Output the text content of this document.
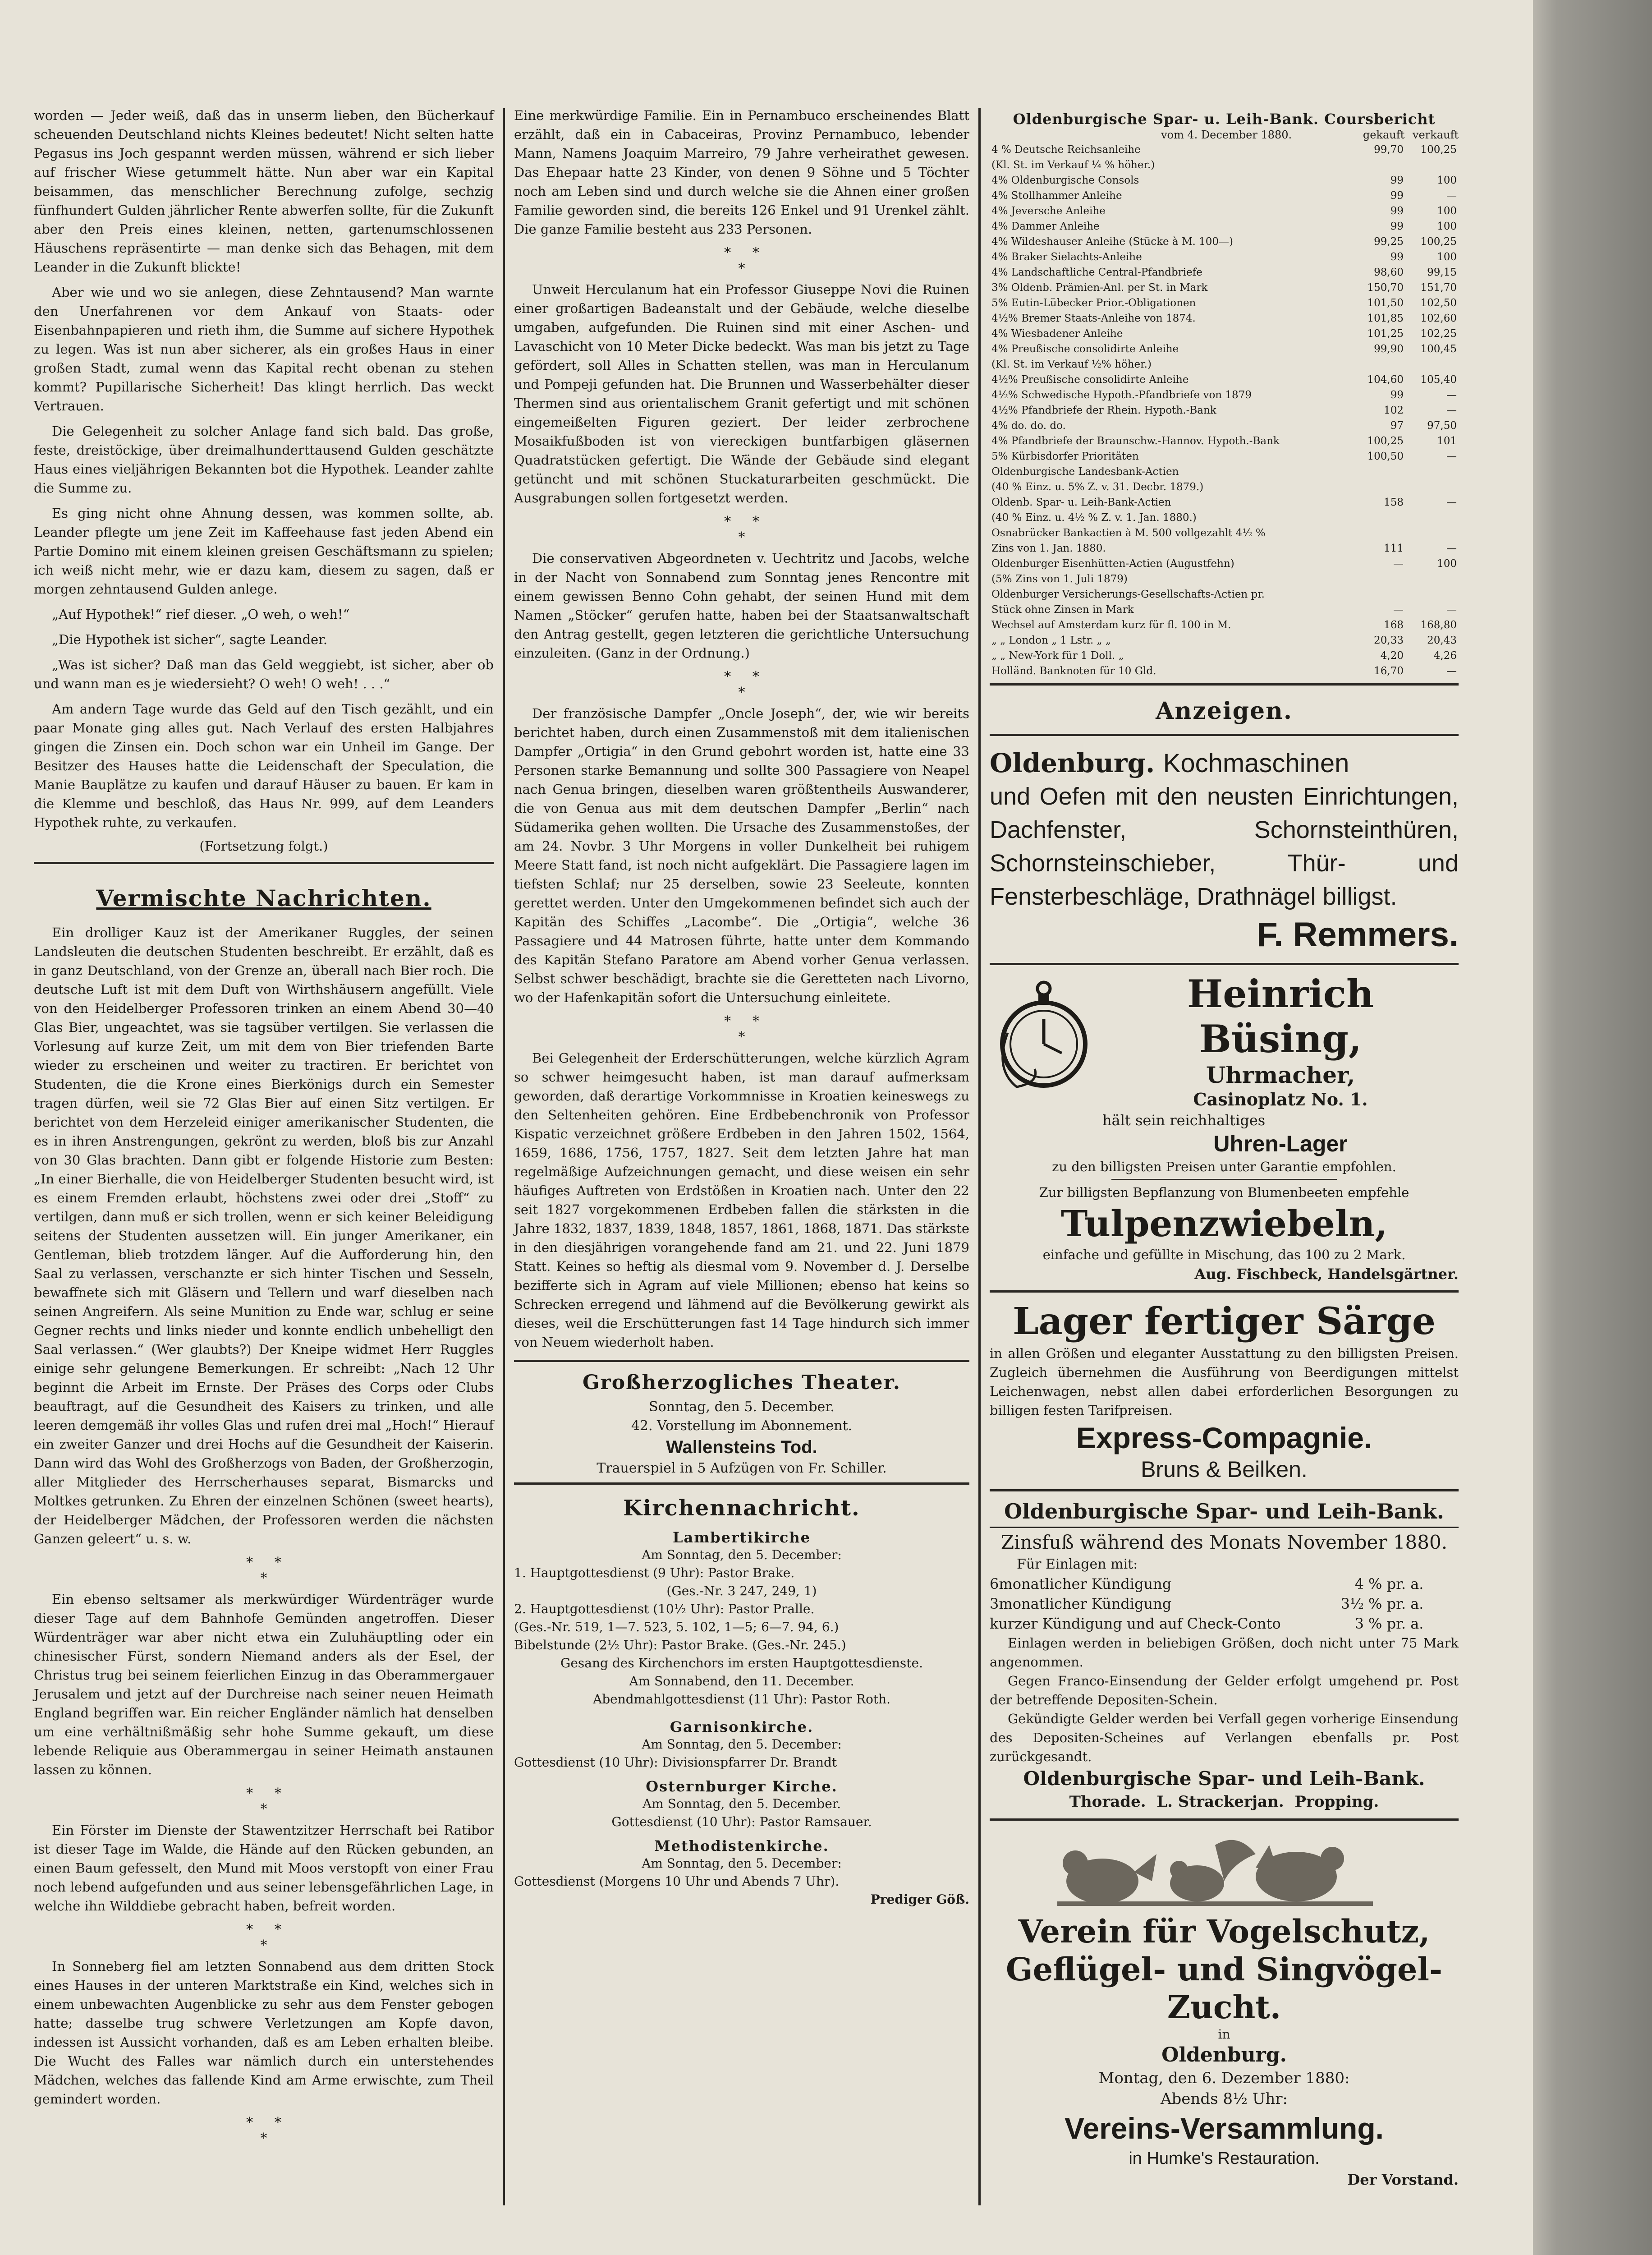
worden — Jeder weiß, daß das in unserm lieben, den Bücherkauf scheuenden Deutschland nichts Kleines bedeutet! Nicht selten hatte Pegasus ins Joch gespannt werden müssen, während er sich lieber auf frischer Wiese getummelt hätte. Nun aber war ein Kapital beisammen, das menschlicher Berechnung zufolge, sechzig fünfhundert Gulden jährlicher Rente abwerfen sollte, für die Zukunft aber den Preis eines kleinen, netten, gartenumschlossenen Häuschens repräsentirte — man denke sich das Behagen, mit dem Leander in die Zukunft blickte!

Aber wie und wo sie anlegen, diese Zehntausend? Man warnte den Unerfahrenen vor dem Ankauf von Staats- oder Eisenbahnpapieren und rieth ihm, die Summe auf sichere Hypothek zu legen. Was ist nun aber sicherer, als ein großes Haus in einer großen Stadt, zumal wenn das Kapital recht obenan zu stehen kommt? Pupillarische Sicherheit! Das klingt herrlich. Das weckt Vertrauen.

Die Gelegenheit zu solcher Anlage fand sich bald. Das große, feste, dreistöckige, über dreimalhunderttausend Gulden geschätzte Haus eines vieljährigen Bekannten bot die Hypothek. Leander zahlte die Summe zu.

Es ging nicht ohne Ahnung dessen, was kommen sollte, ab. Leander pflegte um jene Zeit im Kaffeehause fast jeden Abend ein Partie Domino mit einem kleinen greisen Geschäftsmann zu spielen; ich weiß nicht mehr, wie er dazu kam, diesem zu sagen, daß er morgen zehntausend Gulden anlege.

„Auf Hypothek!“ rief dieser. „O weh, o weh!“

„Die Hypothek ist sicher“, sagte Leander.

„Was ist sicher? Daß man das Geld weggiebt, ist sicher, aber ob und wann man es je wiedersieht? O weh! O weh! . . .“

Am andern Tage wurde das Geld auf den Tisch gezählt, und ein paar Monate ging alles gut. Nach Verlauf des ersten Halbjahres gingen die Zinsen ein. Doch schon war ein Unheil im Gange. Der Besitzer des Hauses hatte die Leidenschaft der Speculation, die Manie Bauplätze zu kaufen und darauf Häuser zu bauen. Er kam in die Klemme und beschloß, das Haus Nr. 999, auf dem Leanders Hypothek ruhte, zu verkaufen.

(Fortsetzung folgt.)
Vermischte Nachrichten.

Ein drolliger Kauz ist der Amerikaner Ruggles, der seinen Landsleuten die deutschen Studenten beschreibt. Er erzählt, daß es in ganz Deutschland, von der Grenze an, überall nach Bier roch. Die deutsche Luft ist mit dem Duft von Wirthshäusern angefüllt. Viele von den Heidelberger Professoren trinken an einem Abend 30—40 Glas Bier, ungeachtet, was sie tagsüber vertilgen. Sie verlassen die Vorlesung auf kurze Zeit, um mit dem von Bier triefenden Barte wieder zu erscheinen und weiter zu tractiren. Er berichtet von Studenten, die die Krone eines Bierkönigs durch ein Semester tragen dürfen, weil sie 72 Glas Bier auf einen Sitz vertilgen. Er berichtet von dem Herzeleid einiger amerikanischer Studenten, die es in ihren Anstrengungen, gekrönt zu werden, bloß bis zur Anzahl von 30 Glas brachten. Dann gibt er folgende Historie zum Besten: „In einer Bierhalle, die von Heidelberger Studenten besucht wird, ist es einem Fremden erlaubt, höchstens zwei oder drei „Stoff“ zu vertilgen, dann muß er sich trollen, wenn er sich keiner Beleidigung seitens der Studenten aussetzen will. Ein junger Amerikaner, ein Gentleman, blieb trotzdem länger. Auf die Aufforderung hin, den Saal zu verlassen, verschanzte er sich hinter Tischen und Sesseln, bewaffnete sich mit Gläsern und Tellern und warf dieselben nach seinen Angreifern. Als seine Munition zu Ende war, schlug er seine Gegner rechts und links nieder und konnte endlich unbehelligt den Saal verlassen.“ (Wer glaubts?) Der Kneipe widmet Herr Ruggles einige sehr gelungene Bemerkungen. Er schreibt: „Nach 12 Uhr beginnt die Arbeit im Ernste. Der Präses des Corps oder Clubs beauftragt, auf die Gesundheit des Kaisers zu trinken, und alle leeren demgemäß ihr volles Glas und rufen drei mal „Hoch!“ Hierauf ein zweiter Ganzer und drei Hochs auf die Gesundheit der Kaiserin. Dann wird das Wohl des Großherzogs von Baden, der Großherzogin, aller Mitglieder des Herrscherhauses separat, Bismarcks und Moltkes getrunken. Zu Ehren der einzelnen Schönen (sweet hearts), der Heidelberger Mädchen, der Professoren werden die nächsten Ganzen geleert“ u. s. w.

*     *
*

Ein ebenso seltsamer als merkwürdiger Würdenträger wurde dieser Tage auf dem Bahnhofe Gemünden angetroffen. Dieser Würdenträger war aber nicht etwa ein Zuluhäuptling oder ein chinesischer Fürst, sondern Niemand anders als der Esel, der Christus trug bei seinem feierlichen Einzug in das Oberammergauer Jerusalem und jetzt auf der Durchreise nach seiner neuen Heimath England begriffen war. Ein reicher Engländer nämlich hat denselben um eine verhältnißmäßig sehr hohe Summe gekauft, um diese lebende Reliquie aus Oberammergau in seiner Heimath anstaunen lassen zu können.

*     *
*

Ein Förster im Dienste der Stawentzitzer Herrschaft bei Ratibor ist dieser Tage im Walde, die Hände auf den Rücken gebunden, an einen Baum gefesselt, den Mund mit Moos verstopft von einer Frau noch lebend aufgefunden und aus seiner lebensgefährlichen Lage, in welche ihn Wilddiebe gebracht haben, befreit worden.

*     *
*

In Sonneberg fiel am letzten Sonnabend aus dem dritten Stock eines Hauses in der unteren Marktstraße ein Kind, welches sich in einem unbewachten Augenblicke zu sehr aus dem Fenster gebogen hatte; dasselbe trug schwere Verletzungen am Kopfe davon, indessen ist Aussicht vorhanden, daß es am Leben erhalten bleibe. Die Wucht des Falles war nämlich durch ein unterstehendes Mädchen, welches das fallende Kind am Arme erwischte, zum Theil gemindert worden.

*     *
*

Eine merkwürdige Familie. Ein in Pernambuco erscheinendes Blatt erzählt, daß ein in Cabaceiras, Provinz Pernambuco, lebender Mann, Namens Joaquim Marreiro, 79 Jahre verheirathet gewesen. Das Ehepaar hatte 23 Kinder, von denen 9 Söhne und 5 Töchter noch am Leben sind und durch welche sie die Ahnen einer großen Familie geworden sind, die bereits 126 Enkel und 91 Urenkel zählt. Die ganze Familie besteht aus 233 Personen.

*     *
*

Unweit Herculanum hat ein Professor Giuseppe Novi die Ruinen einer großartigen Badeanstalt und der Gebäude, welche dieselbe umgaben, aufgefunden. Die Ruinen sind mit einer Aschen- und Lavaschicht von 10 Meter Dicke bedeckt. Was man bis jetzt zu Tage gefördert, soll Alles in Schatten stellen, was man in Herculanum und Pompeji gefunden hat. Die Brunnen und Wasserbehälter dieser Thermen sind aus orientalischem Granit gefertigt und mit schönen eingemeißelten Figuren geziert. Der leider zerbrochene Mosaikfußboden ist von viereckigen buntfarbigen gläsernen Quadratstücken gefertigt. Die Wände der Gebäude sind elegant getüncht und mit schönen Stuckaturarbeiten geschmückt. Die Ausgrabungen sollen fortgesetzt werden.

*     *
*

Die conservativen Abgeordneten v. Uechtritz und Jacobs, welche in der Nacht von Sonnabend zum Sonntag jenes Rencontre mit einem gewissen Benno Cohn gehabt, der seinen Hund mit dem Namen „Stöcker“ gerufen hatte, haben bei der Staatsanwaltschaft den Antrag gestellt, gegen letzteren die gerichtliche Untersuchung einzuleiten. (Ganz in der Ordnung.)

*     *
*

Der französische Dampfer „Oncle Joseph“, der, wie wir bereits berichtet haben, durch einen Zusammenstoß mit dem italienischen Dampfer „Ortigia“ in den Grund gebohrt worden ist, hatte eine 33 Personen starke Bemannung und sollte 300 Passagiere von Neapel nach Genua bringen, dieselben waren größtentheils Auswanderer, die von Genua aus mit dem deutschen Dampfer „Berlin“ nach Südamerika gehen wollten. Die Ursache des Zusammenstoßes, der am 24. Novbr. 3 Uhr Morgens in voller Dunkelheit bei ruhigem Meere Statt fand, ist noch nicht aufgeklärt. Die Passagiere lagen im tiefsten Schlaf; nur 25 derselben, sowie 23 Seeleute, konnten gerettet werden. Unter den Umgekommenen befindet sich auch der Kapitän des Schiffes „Lacombe“. Die „Ortigia“, welche 36 Passagiere und 44 Matrosen führte, hatte unter dem Kommando des Kapitän Stefano Paratore am Abend vorher Genua verlassen. Selbst schwer beschädigt, brachte sie die Geretteten nach Livorno, wo der Hafenkapitän sofort die Untersuchung einleitete.

*     *
*

Bei Gelegenheit der Erderschütterungen, welche kürzlich Agram so schwer heimgesucht haben, ist man darauf aufmerksam geworden, daß derartige Vorkommnisse in Kroatien keineswegs zu den Seltenheiten gehören. Eine Erdbebenchronik von Professor Kispatic verzeichnet größere Erdbeben in den Jahren 1502, 1564, 1659, 1686, 1756, 1757, 1827. Seit dem letzten Jahre hat man regelmäßige Aufzeichnungen gemacht, und diese weisen ein sehr häufiges Auftreten von Erdstößen in Kroatien nach. Unter den 22 seit 1827 vorgekommenen Erdbeben fallen die stärksten in die Jahre 1832, 1837, 1839, 1848, 1857, 1861, 1868, 1871. Das stärkste in den diesjährigen vorangehende fand am 21. und 22. Juni 1879 Statt. Keines so heftig als diesmal vom 9. November d. J. Derselbe bezifferte sich in Agram auf viele Millionen; ebenso hat keins so Schrecken erregend und lähmend auf die Bevölkerung gewirkt als dieses, weil die Erschütterungen fast 14 Tage hindurch sich immer von Neuem wiederholt haben.

Großherzogliches Theater.
Sonntag, den 5. December.
42. Vorstellung im Abonnement.
Wallensteins Tod.
Trauerspiel in 5 Aufzügen von Fr. Schiller.
Kirchennachricht.
Lambertikirche
Am Sonntag, den 5. December:
1. Hauptgottesdienst (9 Uhr): Pastor Brake.
(Ges.-Nr. 3 247, 249, 1)
2. Hauptgottesdienst (10½ Uhr): Pastor Pralle.
(Ges.-Nr. 519, 1—7. 523, 5. 102, 1—5; 6—7. 94, 6.)
Bibelstunde (2½ Uhr): Pastor Brake. (Ges.-Nr. 245.)
Gesang des Kirchenchors im ersten Hauptgottesdienste.
Am Sonnabend, den 11. December.
Abendmahlgottesdienst (11 Uhr): Pastor Roth.
Garnisonkirche.
Am Sonntag, den 5. December:
Gottesdienst (10 Uhr): Divisionspfarrer Dr. Brandt
Osternburger Kirche.
Am Sonntag, den 5. December.
Gottesdienst (10 Uhr): Pastor Ramsauer.
Methodistenkirche.
Am Sonntag, den 5. December:
Gottesdienst (Morgens 10 Uhr und Abends 7 Uhr).
Prediger Göß.
Oldenburgische Spar- u. Leih-Bank. Coursbericht
vom 4. December 1880.	gekauft verkauft
4 % Deutsche Reichsanleihe	99,70	100,25
(Kl. St. im Verkauf ¼ % höher.)		
4% Oldenburgische Consols	99	100
4% Stollhammer Anleihe	99	—
4% Jeversche Anleihe	99	100
4% Dammer Anleihe	99	100
4% Wildeshauser Anleihe (Stücke à M. 100—)	99,25	100,25
4% Braker Sielachts-Anleihe	99	100
4% Landschaftliche Central-Pfandbriefe	98,60	99,15
3% Oldenb. Prämien-Anl. per St. in Mark	150,70	151,70
5% Eutin-Lübecker Prior.-Obligationen	101,50	102,50
4½% Bremer Staats-Anleihe von 1874.	101,85	102,60
4% Wiesbadener Anleihe	101,25	102,25
4% Preußische consolidirte Anleihe	99,90	100,45
(Kl. St. im Verkauf ½% höher.)		
4½% Preußische consolidirte Anleihe	104,60	105,40
4½% Schwedische Hypoth.-Pfandbriefe von 1879	99	—
4½% Pfandbriefe der Rhein. Hypoth.-Bank	102	—
4% do. do. do.	97	97,50
4% Pfandbriefe der Braunschw.-Hannov. Hypoth.-Bank	100,25	101
5% Kürbisdorfer Prioritäten	100,50	—
Oldenburgische Landesbank-Actien		
(40 % Einz. u. 5% Z. v. 31. Decbr. 1879.)		
Oldenb. Spar- u. Leih-Bank-Actien	158	—
(40 % Einz. u. 4½ % Z. v. 1. Jan. 1880.)		
Osnabrücker Bankactien à M. 500 vollgezahlt 4½ %		
Zins von 1. Jan. 1880.	111	—
Oldenburger Eisenhütten-Actien (Augustfehn)	—	100
(5% Zins von 1. Juli 1879)		
Oldenburger Versicherungs-Gesellschafts-Actien pr.		
Stück ohne Zinsen in Mark	—	—
Wechsel auf Amsterdam kurz für fl. 100 in M.	168	168,80
„ „ London „ 1 Lstr. „ „	20,33	20,43
„ „ New-York für 1 Doll. „	4,20	4,26
Holländ. Banknoten für 10 Gld.	16,70	—
Anzeigen.
Oldenburg. Kochmaschinen
und Oefen mit den neusten Einrichtungen, Dachfenster, Schornsteinthüren, Schornsteinschieber, Thür- und Fensterbeschläge, Drathnägel billigst.
F. Remmers.
Heinrich Büsing,
Uhrmacher,
Casinoplatz No. 1.
hält sein reichhaltiges
Uhren-Lager
zu den billigsten Preisen unter Garantie empfohlen.
Zur billigsten Bepflanzung von Blumenbeeten empfehle
Tulpenzwiebeln,
einfache und gefüllte in Mischung, das 100 zu 2 Mark.
Aug. Fischbeck, Handelsgärtner.
Lager fertiger Särge
in allen Größen und eleganter Ausstattung zu den billigsten Preisen. Zugleich übernehmen die Ausführung von Beerdigungen mittelst Leichenwagen, nebst allen dabei erforderlichen Besorgungen zu billigen festen Tarifpreisen.
Express-Compagnie.
Bruns & Beilken.
Oldenburgische Spar- und Leih-Bank.
Zinsfuß während des Monats November 1880.
Für Einlagen mit:
6monatlicher Kündigung	4 % pr. a.
3monatlicher Kündigung	3½ % pr. a.
kurzer Kündigung und auf Check-Conto	3 % pr. a.
Einlagen werden in beliebigen Größen, doch nicht unter 75 Mark angenommen.
Gegen Franco-Einsendung der Gelder erfolgt umgehend pr. Post der betreffende Depositen-Schein.
Gekündigte Gelder werden bei Verfall gegen vorherige Einsendung des Depositen-Scheines auf Verlangen ebenfalls pr. Post zurückgesandt.
Oldenburgische Spar- und Leih-Bank.
Thorade.  L. Strackerjan.  Propping.
Verein für Vogelschutz, Geflügel- und Singvögel-Zucht.
in
Oldenburg.
Montag, den 6. Dezember 1880:
Abends 8½ Uhr:
Vereins-Versammlung.
in Humke's Restauration.
Der Vorstand.
